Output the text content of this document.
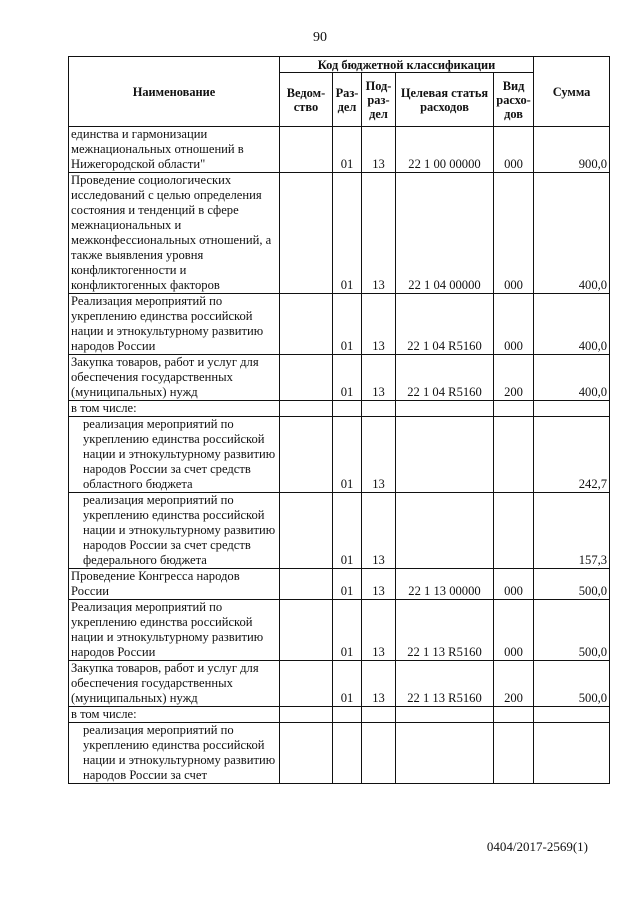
90
Наименование	Код бюджетной классификации					Сумма
	Ведом-ство	Раз-дел	Под-раз-дел	Целевая статья расходов	Вид расхо-дов	
единства и гармонизации межнациональных отношений в Нижегородской области"		01	13	22 1 00 00000	000	900,0
Проведение социологических исследований с целью определения состояния и тенденций в сфере межнациональных и межконфессиональных отношений, а также выявления уровня конфликтогенности и конфликтогенных факторов		01	13	22 1 04 00000	000	400,0
Реализация мероприятий по укреплению единства российской нации и этнокультурному развитию народов России		01	13	22 1 04 R5160	000	400,0
Закупка товаров, работ и услуг для обеспечения государственных (муниципальных) нужд		01	13	22 1 04 R5160	200	400,0
в том числе:						
реализация мероприятий по укреплению единства российской нации и этнокультурному развитию народов России за счет средств областного бюджета		01	13			242,7
реализация мероприятий по укреплению единства российской нации и этнокультурному развитию народов России за счет средств федерального бюджета		01	13			157,3
Проведение Конгресса народов России		01	13	22 1 13 00000	000	500,0
Реализация мероприятий по укреплению единства российской нации и этнокультурному развитию народов России		01	13	22 1 13 R5160	000	500,0
Закупка товаров, работ и услуг для обеспечения государственных (муниципальных) нужд		01	13	22 1 13 R5160	200	500,0
в том числе:						
реализация мероприятий по укреплению единства российской нации и этнокультурному развитию народов России за счет						
0404/2017-2569(1)
